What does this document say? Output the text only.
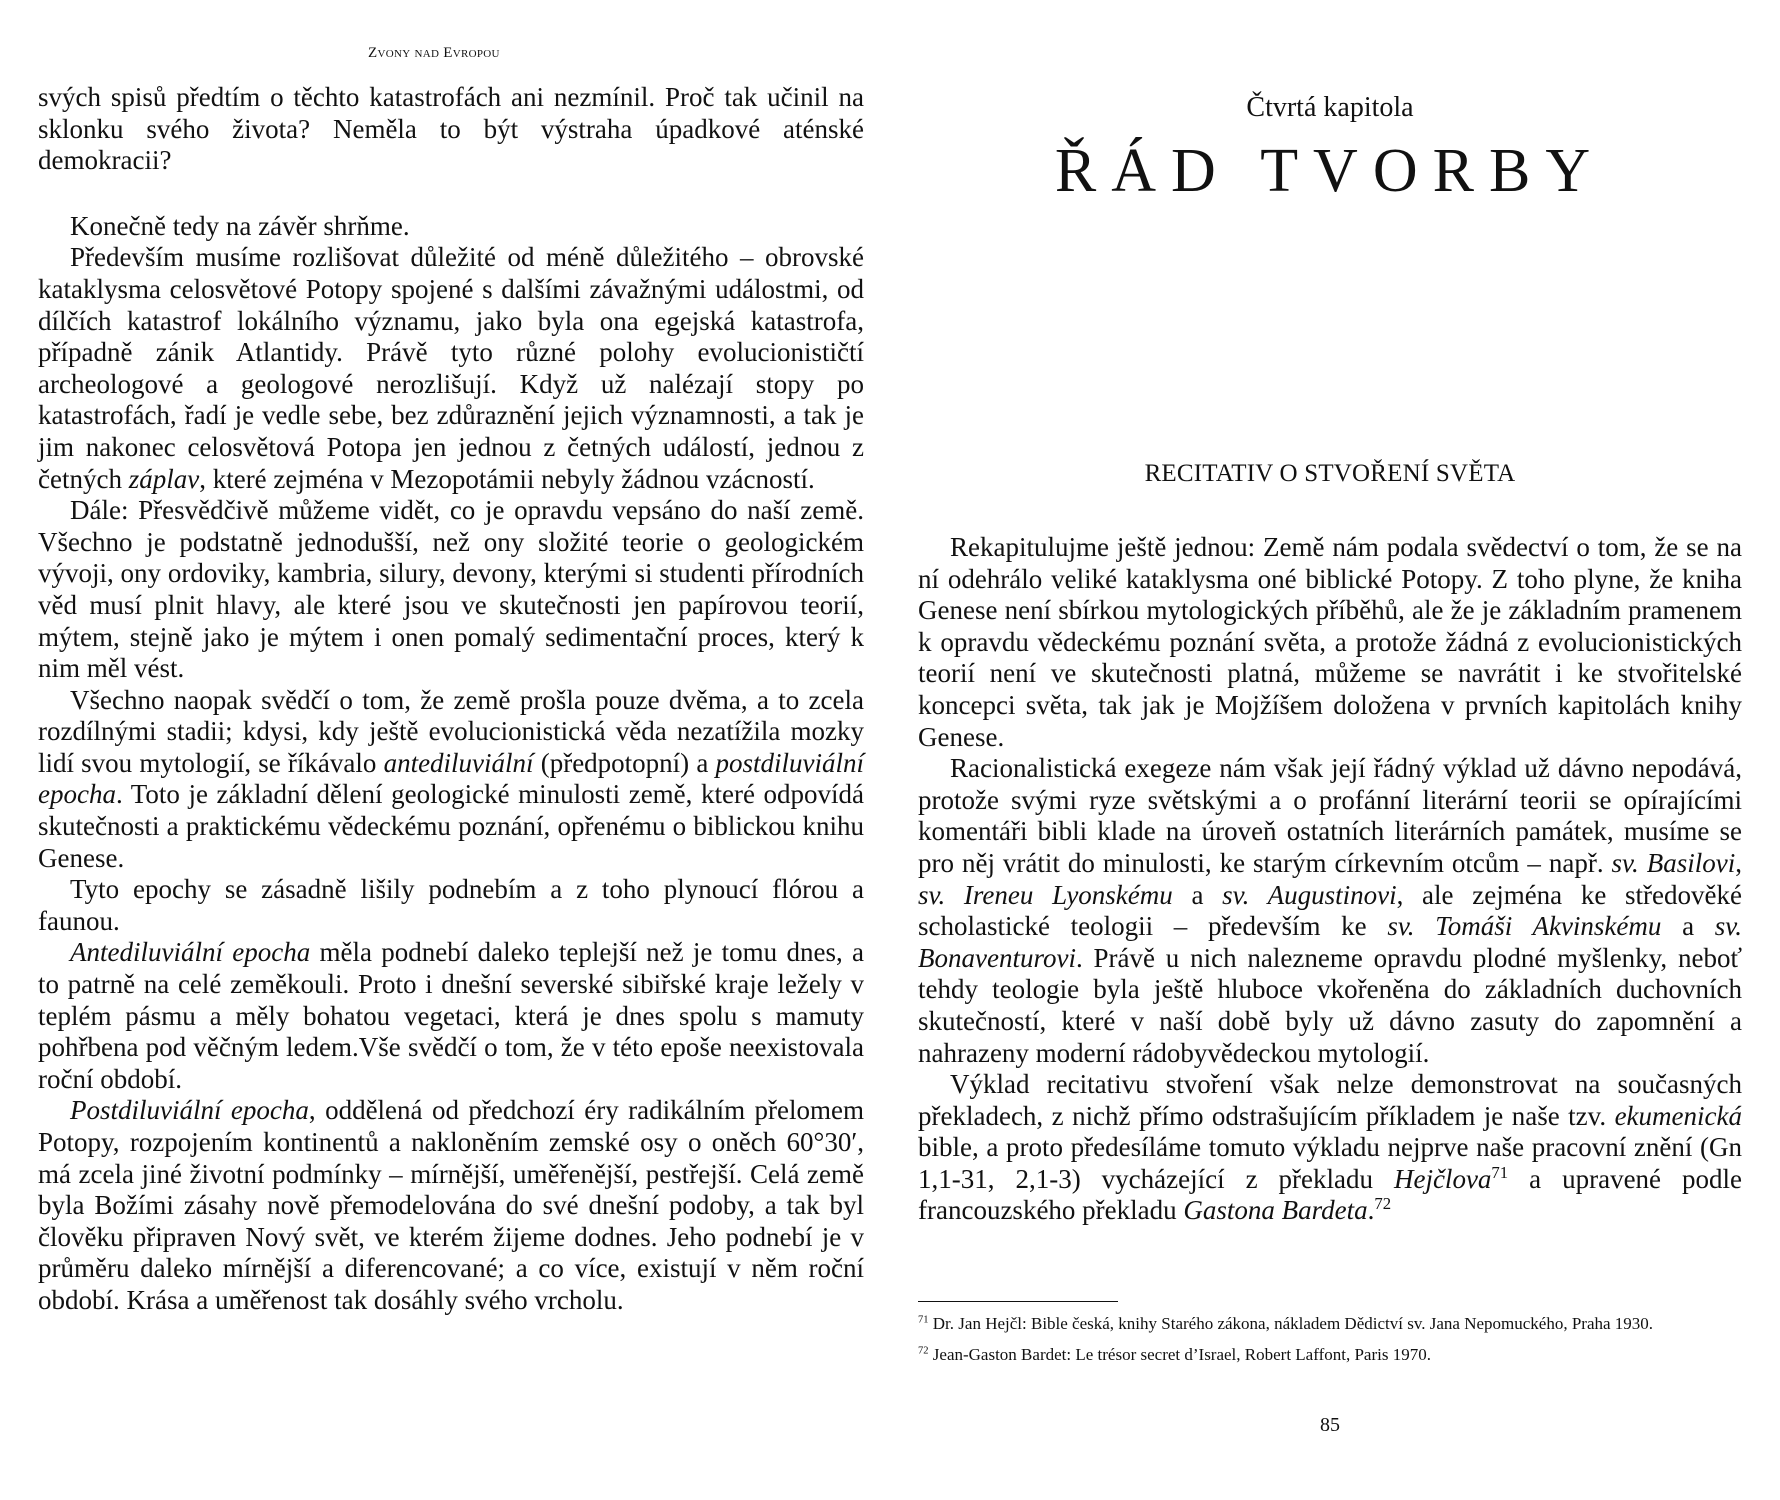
Zvony nad Evropou

svých spisů předtím o těchto katastrofách ani nezmínil. Proč tak učinil na sklonku svého života? Neměla to být výstraha úpadkové aténské demokracii?

Konečně tedy na závěr shrňme.

Především musíme rozlišovat důležité od méně důležitého – obrovské kataklysma celosvětové Potopy spojené s dalšími závažnými událostmi, od dílčích katastrof lokálního významu, jako byla ona egejská katastrofa, případně zánik Atlantidy. Právě tyto různé polohy evolucionističtí archeologové a geologové nerozlišují. Když už nalézají stopy po katastrofách, řadí je vedle sebe, bez zdůraznění jejich významnosti, a tak je jim nakonec celosvětová Potopa jen jednou z četných událostí, jednou z četných záplav, které zejména v Mezopotámii nebyly žádnou vzácností.

Dále: Přesvědčivě můžeme vidět, co je opravdu vepsáno do naší země. Všechno je podstatně jednodušší, než ony složité teorie o geologickém vývoji, ony ordoviky, kambria, silury, devony, kterými si studenti přírodních věd musí plnit hlavy, ale které jsou ve skutečnosti jen papírovou teorií, mýtem, stejně jako je mýtem i onen pomalý sedimentační proces, který k nim měl vést.

Všechno naopak svědčí o tom, že země prošla pouze dvěma, a to zcela rozdílnými stadii; kdysi, kdy ještě evolucionistická věda nezatížila mozky lidí svou mytologií, se říkávalo antediluviální (předpotopní) a postdiluviální epocha. Toto je základní dělení geologické minulosti země, které odpovídá skutečnosti a praktickému vědeckému poznání, opřenému o biblickou knihu Genese.

Tyto epochy se zásadně lišily podnebím a z toho plynoucí flórou a faunou.

Antediluviální epocha měla podnebí daleko teplejší než je tomu dnes, a to patrně na celé zeměkouli. Proto i dnešní severské sibiřské kraje ležely v teplém pásmu a měly bohatou vegetaci, která je dnes spolu s mamuty pohřbena pod věčným ledem.Vše svědčí o tom, že v této epoše neexistovala roční období.

Postdiluviální epocha, oddělená od předchozí éry radikálním přelomem Potopy, rozpojením kontinentů a nakloněním zemské osy o oněch 60°30′, má zcela jiné životní podmínky – mírnější, uměřenější, pestřejší. Celá země byla Božími zásahy nově přemodelována do své dnešní podoby, a tak byl člověku připraven Nový svět, ve kterém žijeme dodnes. Jeho podnebí je v průměru daleko mírnější a diferencované; a co více, existují v něm roční období. Krása a uměřenost tak dosáhly svého vrcholu.

Čtvrtá kapitola
ŘÁD TVORBY
RECITATIV O STVOŘENÍ SVĚTA

Rekapitulujme ještě jednou: Země nám podala svědectví o tom, že se na ní odehrálo veliké kataklysma oné biblické Potopy. Z toho plyne, že kniha Genese není sbírkou mytologických příběhů, ale že je základním pramenem k opravdu vědeckému poznání světa, a protože žádná z evolucionistických teorií není ve skutečnosti platná, můžeme se navrátit i ke stvořitelské koncepci světa, tak jak je Mojžíšem doložena v prvních kapitolách knihy Genese.

Racionalistická exegeze nám však její řádný výklad už dávno nepodává, protože svými ryze světskými a o profánní literární teorii se opírajícími komentáři bibli klade na úroveň ostatních literárních památek, musíme se pro něj vrátit do minulosti, ke starým církevním otcům – např. sv. Basilovi, sv. Ireneu Lyonskému a sv. Augustinovi, ale zejména ke středověké scholastické teologii – především ke sv. Tomáši Akvinskému a sv. Bonaventurovi. Právě u nich nalezneme opravdu plodné myšlenky, neboť tehdy teologie byla ještě hluboce vkořeněna do základních duchovních skutečností, které v naší době byly už dávno zasuty do zapomnění a nahrazeny moderní rádobyvědeckou mytologií.

Výklad recitativu stvoření však nelze demonstrovat na současných překladech, z nichž přímo odstrašujícím příkladem je naše tzv. ekumenická bible, a proto předesíláme tomuto výkladu nejprve naše pracovní znění (Gn 1,1-31, 2,1-3) vycházející z překladu Hejčlova$^{71}$ a upravené podle francouzského překladu Gastona Bardeta.$^{72}$

$^{71}$ Dr. Jan Hejčl: Bible česká, knihy Starého zákona, nákladem Dědictví sv. Jana Nepomuckého, Praha 1930.

$^{72}$ Jean-Gaston Bardet: Le trésor secret d’Israel, Robert Laffont, Paris 1970.

85
